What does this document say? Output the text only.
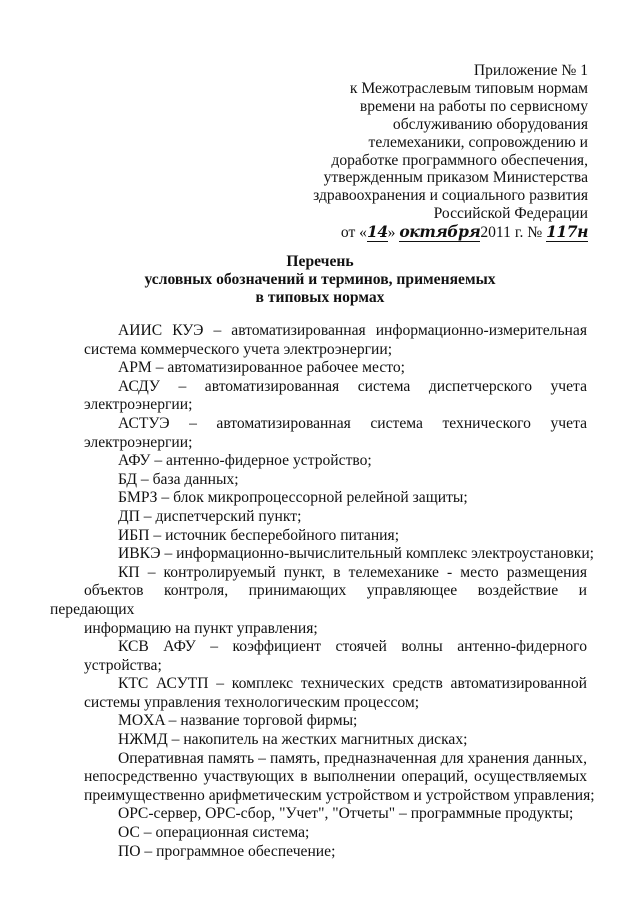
Приложение № 1
к Межотраслевым типовым нормам
времени на работы по сервисному
обслуживанию оборудования
телемеханики, сопровождению и
доработке программного обеспечения,
утвержденным приказом Министерства
здравоохранения и социального развития
Российской Федерации
от «14» октября2011 г. № 117н
Перечень
условных обозначений и терминов, применяемых
в типовых нормах

АИИС КУЭ – автоматизированная информационно-измерительная
система коммерческого учета электроэнергии;

АРМ – автоматизированное рабочее место;

АСДУ – автоматизированная система диспетчерского учета
электроэнергии;

АСТУЭ – автоматизированная система технического учета
электроэнергии;

АФУ – антенно-фидерное устройство;

БД – база данных;

БМРЗ – блок микропроцессорной релейной защиты;

ДП – диспетчерский пункт;

ИБП – источник бесперебойного питания;

ИВКЭ – информационно-вычислительный комплекс электроустановки;

КП – контролируемый пункт, в телемеханике - место размещения
объектов контроля, принимающих управляющее воздействие и передающих
информацию на пункт управления;

КСВ АФУ – коэффициент стоячей волны антенно-фидерного
устройства;

КТС АСУТП – комплекс технических средств автоматизированной
системы управления технологическим процессом;

MOXA – название торговой фирмы;

НЖМД – накопитель на жестких магнитных дисках;

Оперативная память – память, предназначенная для хранения данных,
непосредственно участвующих в выполнении операций, осуществляемых
преимущественно арифметическим устройством и устройством управления;

OPC-сервер, OPC-сбор, "Учет", "Отчеты" – программные продукты;

ОС – операционная система;

ПО – программное обеспечение;
